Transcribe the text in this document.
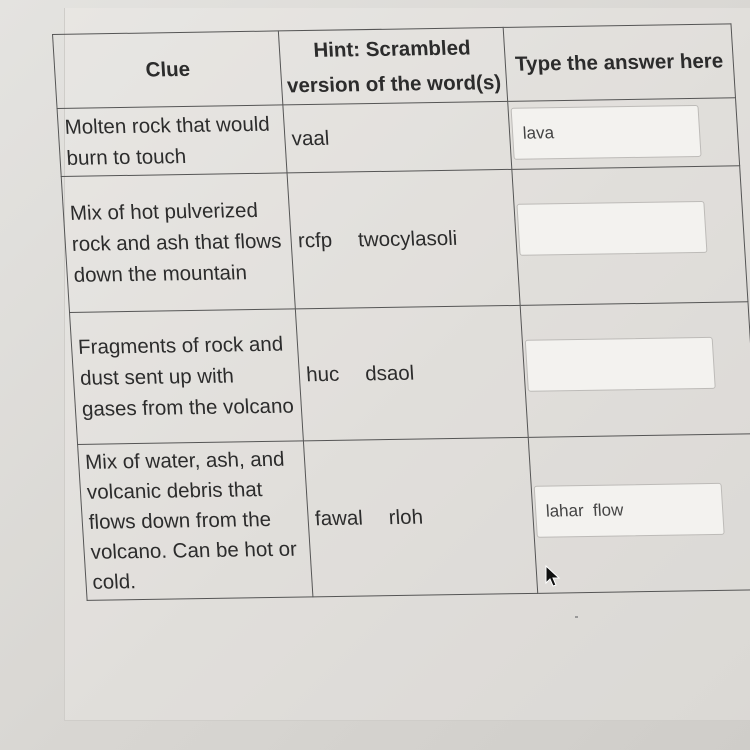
Clue	Hint: Scrambled version of the word(s)	Type the answer here
Molten rock that would burn to touch	vaal	lava
Mix of hot pulverized rock and ash that flows down the mountain	rcfp twocylasoli	
Fragments of rock and dust sent up with gases from the volcano	huc dsaol	
Mix of water, ash, and volcanic debris that flows down from the volcano. Can be hot or cold.	fawal rloh	lahar flow
